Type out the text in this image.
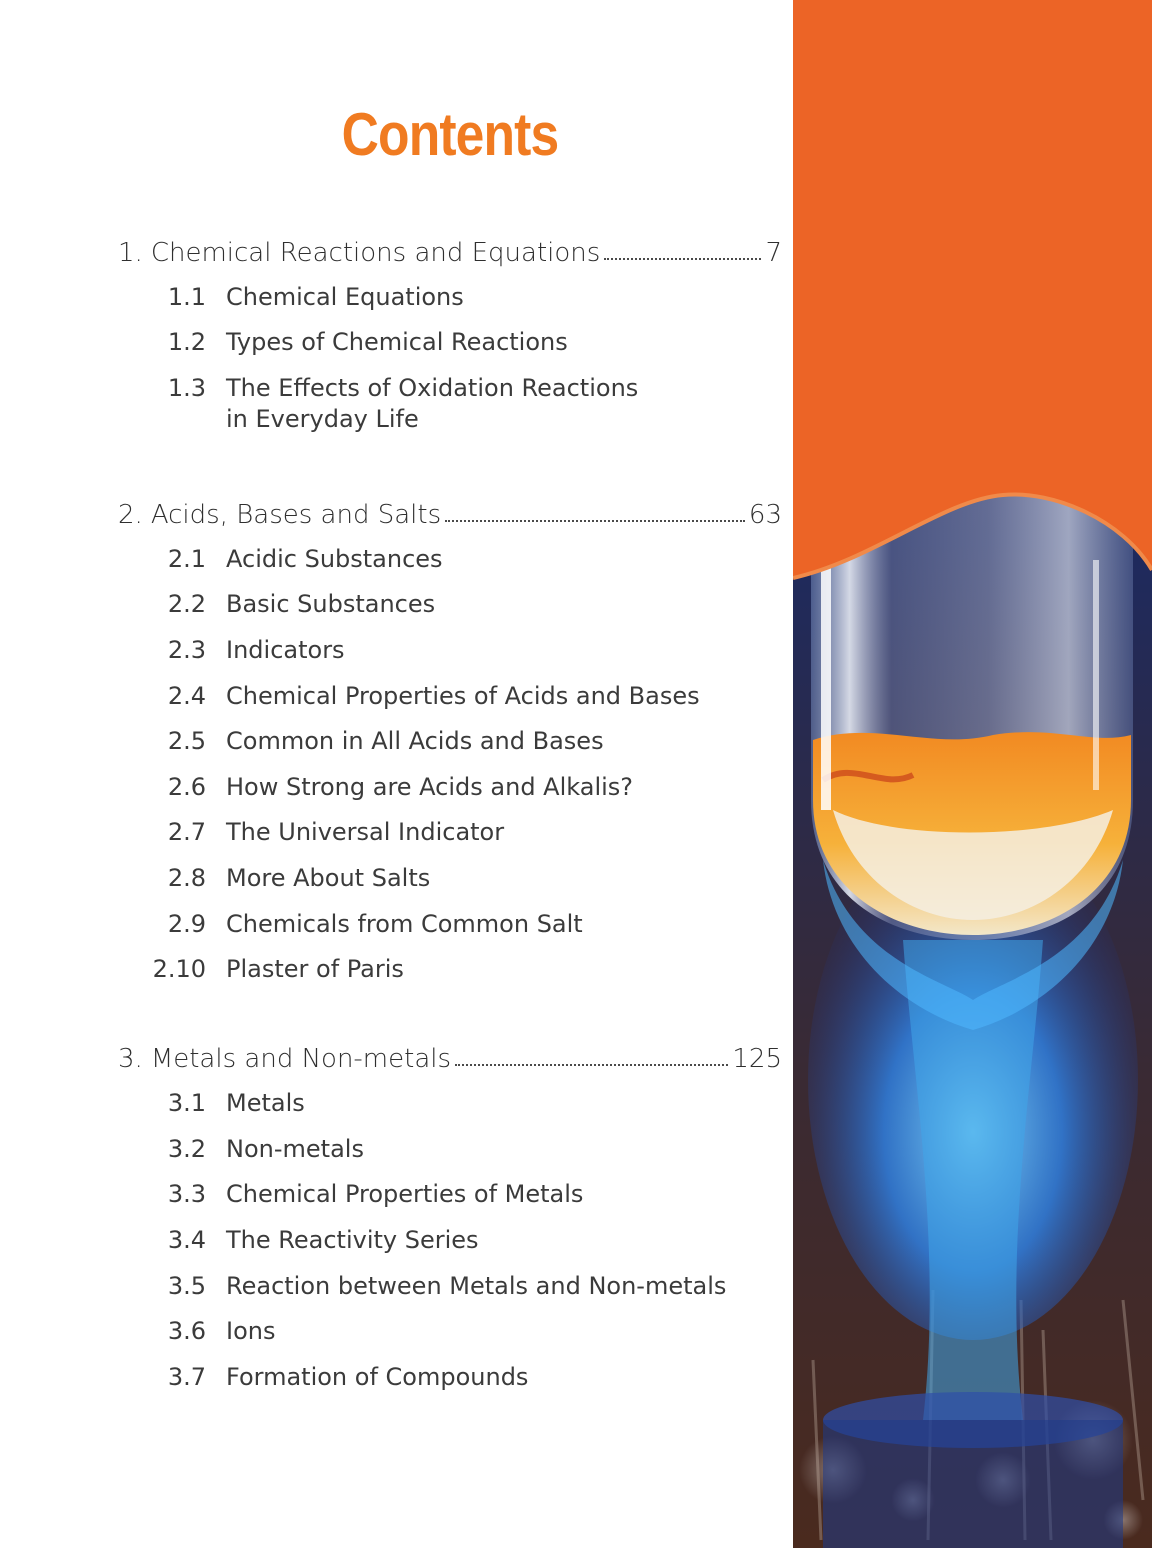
Contents
1. Chemical Reactions and Equations	7
1.1 Chemical Equations
1.2 Types of Chemical Reactions
1.3 The Effects of Oxidation Reactions in Everyday Life
2. Acids, Bases and Salts	63
2.1 Acidic Substances
2.2 Basic Substances
2.3 Indicators
2.4 Chemical Properties of Acids and Bases
2.5 Common in All Acids and Bases
2.6 How Strong are Acids and Alkalis?
2.7 The Universal Indicator
2.8 More About Salts
2.9 Chemicals from Common Salt
2.10 Plaster of Paris
3. Metals and Non-metals	125
3.1 Metals
3.2 Non-metals
3.3 Chemical Properties of Metals
3.4 The Reactivity Series
3.5 Reaction between Metals and Non-metals
3.6 Ions
3.7 Formation of Compounds
